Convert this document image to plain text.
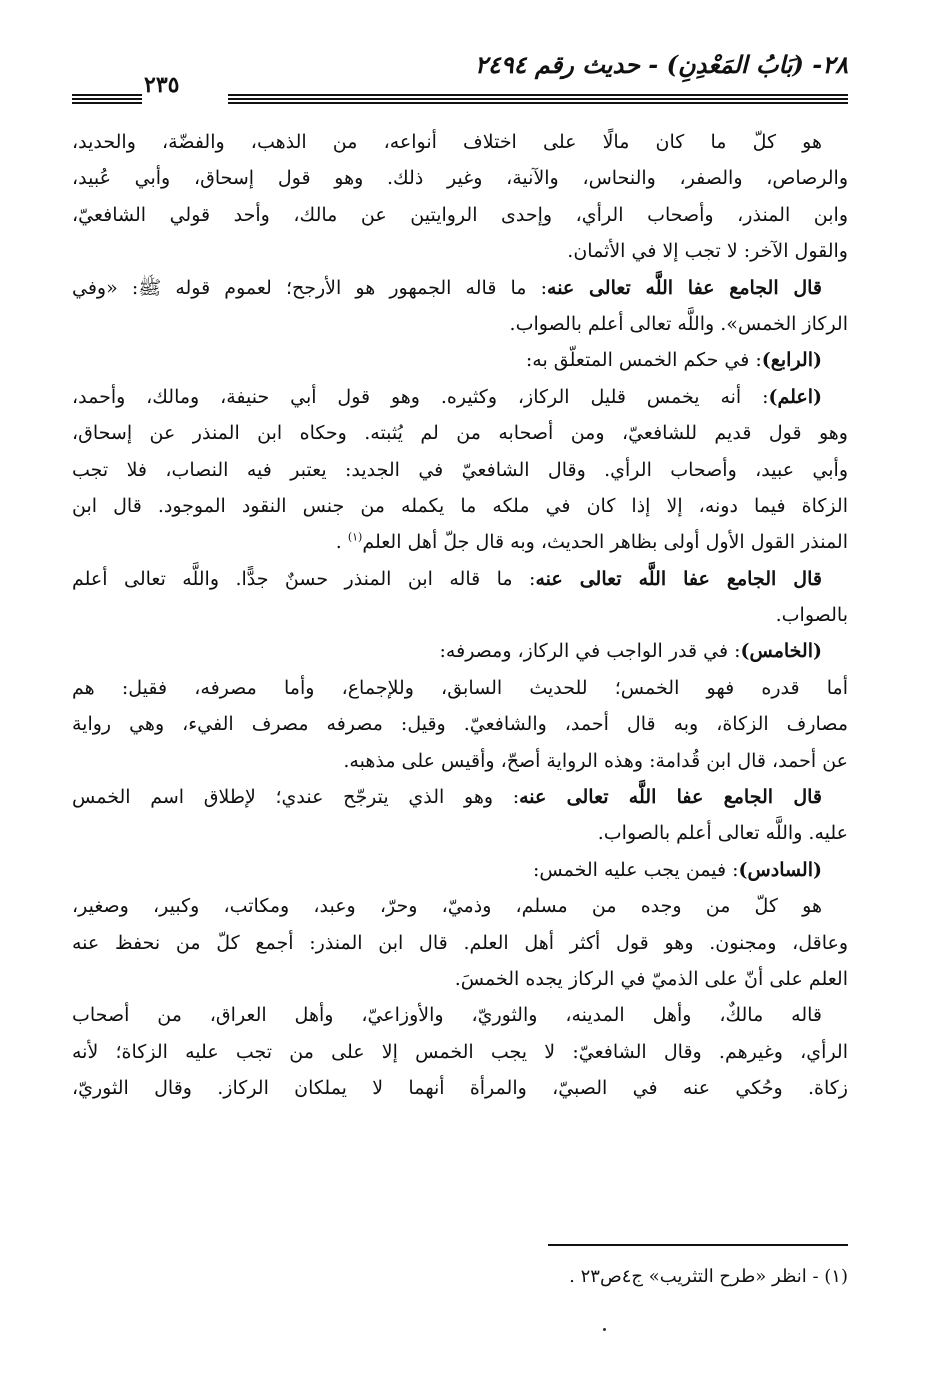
٢٨- (بَابُ المَعْدِنِ) - حديث رقم ٢٤٩٤
٢٣٥
هو كلّ ما كان مالًا على اختلاف أنواعه، من الذهب، والفضّة، والحديد،
والرصاص، والصفر، والنحاس، والآنية، وغير ذلك. وهو قول إسحاق، وأبي عُبيد،
وابن المنذر، وأصحاب الرأي، وإحدى الروايتين عن مالك، وأحد قولي الشافعيّ،
والقول الآخر: لا تجب إلا في الأثمان.
قال الجامع عفا اللَّه تعالى عنه: ما قاله الجمهور هو الأرجح؛ لعموم قوله ﷺ: «وفي
الركاز الخمس». واللَّه تعالى أعلم بالصواب.
(الرابع): في حكم الخمس المتعلّق به:
(اعلم): أنه يخمس قليل الركاز، وكثيره. وهو قول أبي حنيفة، ومالك، وأحمد،
وهو قول قديم للشافعيّ، ومن أصحابه من لم يُثبته. وحكاه ابن المنذر عن إسحاق،
وأبي عبيد، وأصحاب الرأي. وقال الشافعيّ في الجديد: يعتبر فيه النصاب، فلا تجب
الزكاة فيما دونه، إلا إذا كان في ملكه ما يكمله من جنس النقود الموجود. قال ابن
المنذر القول الأول أولى بظاهر الحديث، وبه قال جلّ أهل العلم$^{(١)}$ .
قال الجامع عفا اللَّه تعالى عنه: ما قاله ابن المنذر حسنٌ جدًّا. واللَّه تعالى أعلم
بالصواب.
(الخامس): في قدر الواجب في الركاز، ومصرفه:
أما قدره فهو الخمس؛ للحديث السابق، وللإجماع، وأما مصرفه، فقيل: هم
مصارف الزكاة، وبه قال أحمد، والشافعيّ. وقيل: مصرفه مصرف الفيء، وهي رواية
عن أحمد، قال ابن قُدامة: وهذه الرواية أصحّ، وأقيس على مذهبه.
قال الجامع عفا اللَّه تعالى عنه: وهو الذي يترجّح عندي؛ لإطلاق اسم الخمس
عليه. واللَّه تعالى أعلم بالصواب.
(السادس): فيمن يجب عليه الخمس:
هو كلّ من وجده من مسلم، وذميّ، وحرّ، وعبد، ومكاتب، وكبير، وصغير،
وعاقل، ومجنون. وهو قول أكثر أهل العلم. قال ابن المنذر: أجمع كلّ من نحفظ عنه
العلم على أنّ على الذميّ في الركاز يجده الخمسَ.
قاله مالكٌ، وأهل المدينه، والثوريّ، والأوزاعيّ، وأهل العراق، من أصحاب
الرأي، وغيرهم. وقال الشافعيّ: لا يجب الخمس إلا على من تجب عليه الزكاة؛ لأنه
زكاة. وحُكي عنه في الصبيّ، والمرأة أنهما لا يملكان الركاز. وقال الثوريّ،
(١) - انظر «طرح التثريب» ج٤ص٢٣ .
